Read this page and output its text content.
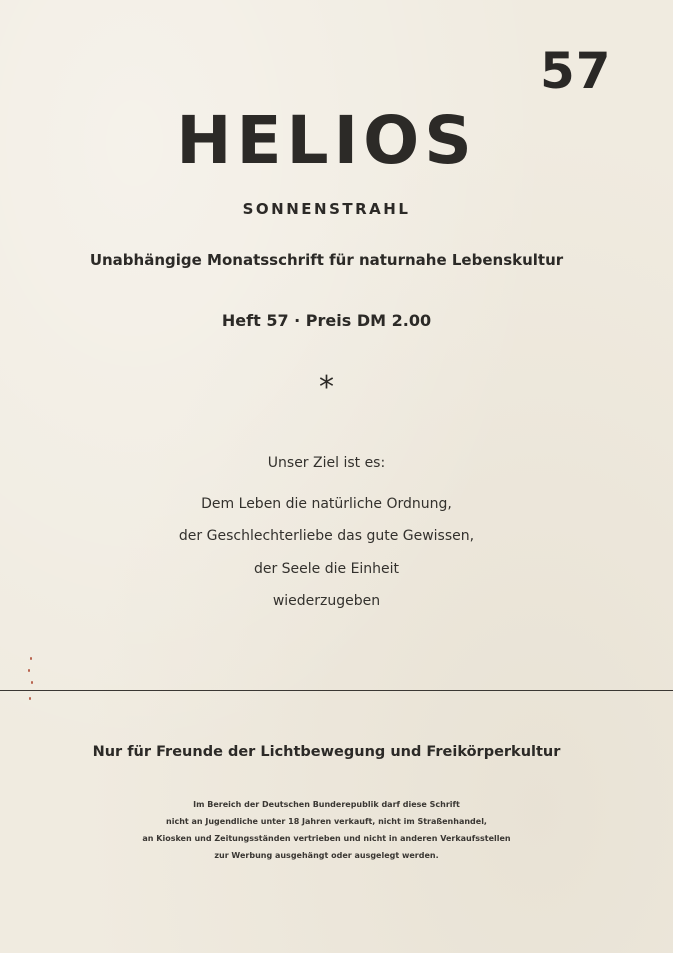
57
HELIOS
SONNENSTRAHL
Unabhängige Monatsschrift für naturnahe Lebenskultur
Heft 57 · Preis DM 2.00
*
Unser Ziel ist es:
Dem Leben die natürliche Ordnung,
der Geschlechterliebe das gute Gewissen,
der Seele die Einheit
wiederzugeben
Nur für Freunde der Lichtbewegung und Freikörperkultur
Im Bereich der Deutschen Bunderepublik darf diese Schrift
nicht an Jugendliche unter 18 Jahren verkauft, nicht im Straßenhandel,
an Kiosken und Zeitungsständen vertrieben und nicht in anderen Verkaufsstellen
zur Werbung ausgehängt oder ausgelegt werden.
